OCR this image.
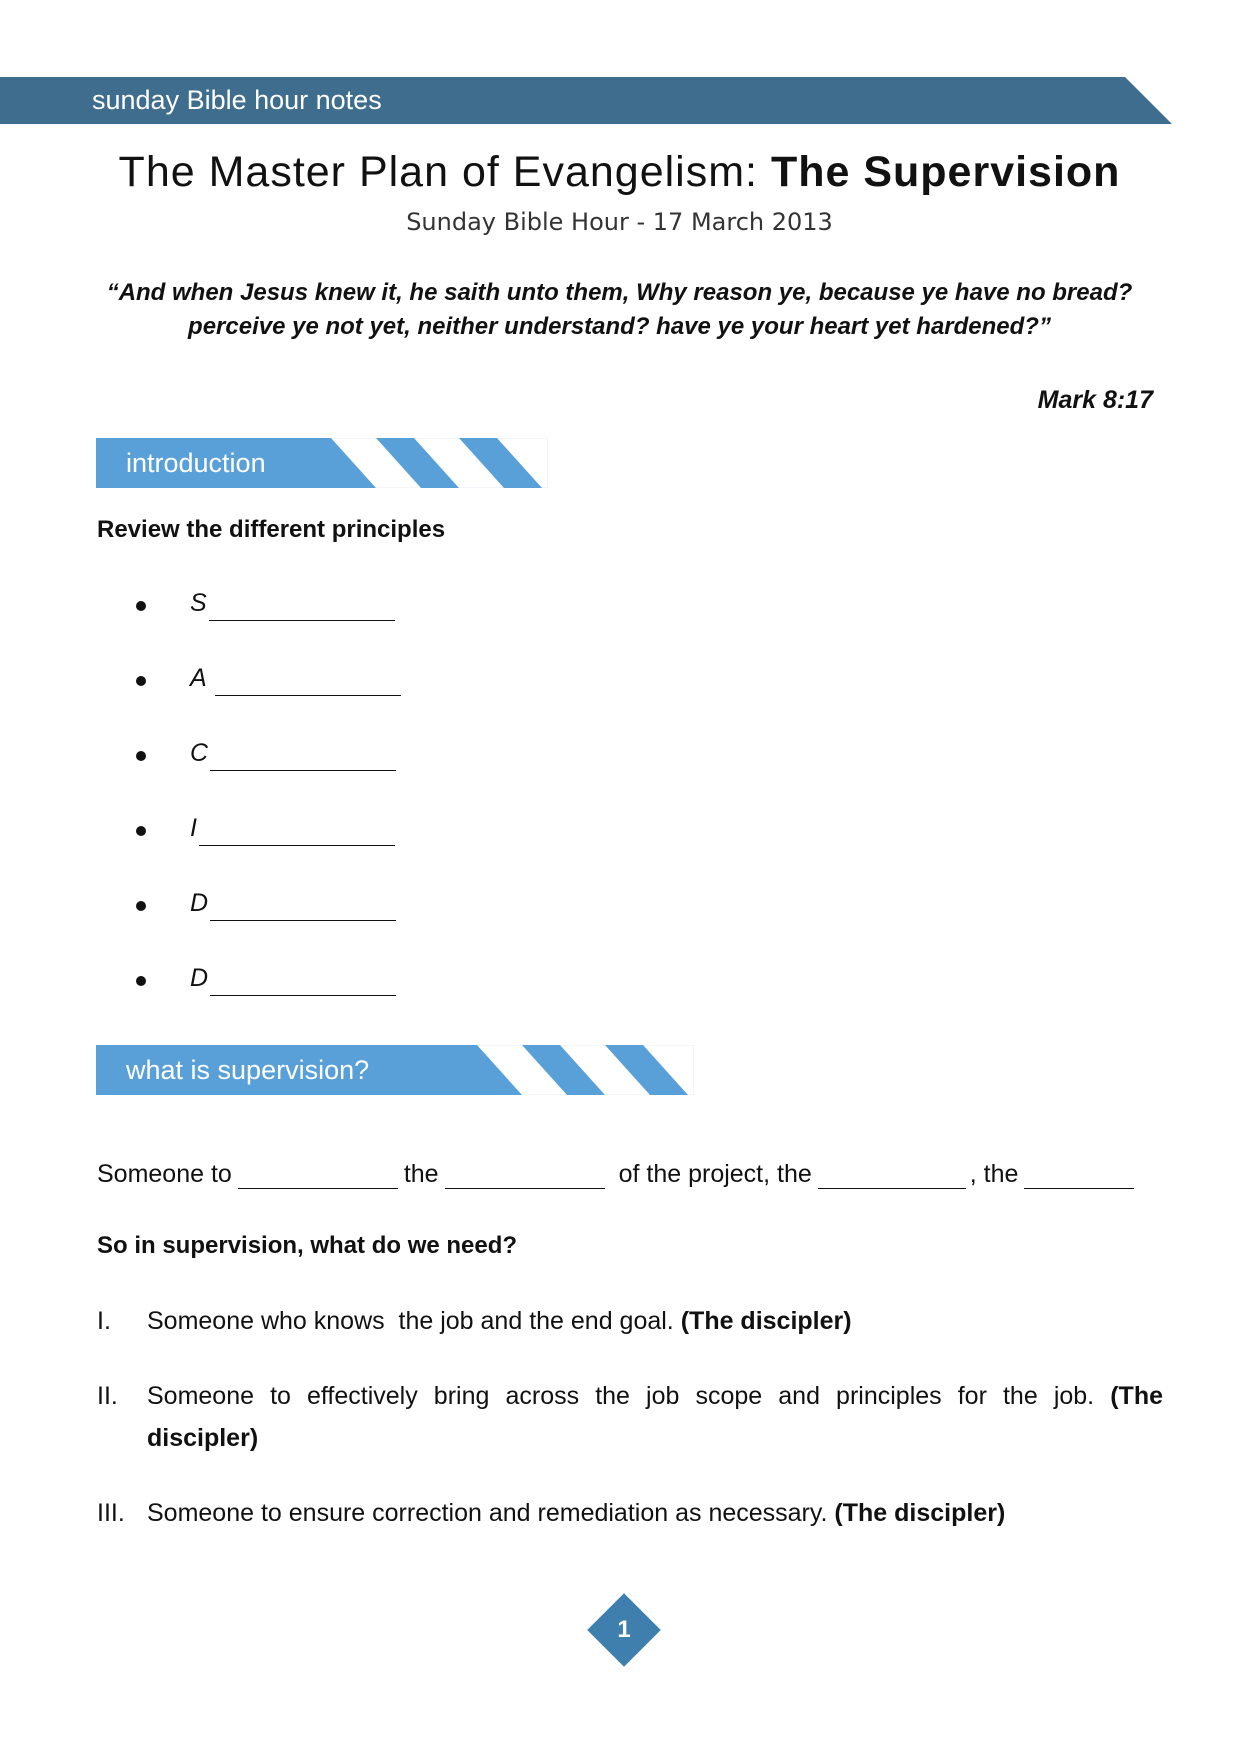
sunday Bible hour notes
The Master Plan of Evangelism: The Supervision
Sunday Bible Hour - 17 March 2013
“And when Jesus knew it, he saith unto them, Why reason ye, because ye have no bread?
perceive ye not yet, neither understand? have ye your heart yet hardened?”
Mark 8:17
introduction
Review the different principles
S
A
C
I
D
D
what is supervision?
Someone to	the	of the project, the	, the
So in supervision, what do we need?
I. Someone who knows  the job and the end goal. (The discipler)
II. Someone to effectively bring across the job scope and principles for the job. (The discipler)
III. Someone to ensure correction and remediation as necessary. (The discipler)
1
